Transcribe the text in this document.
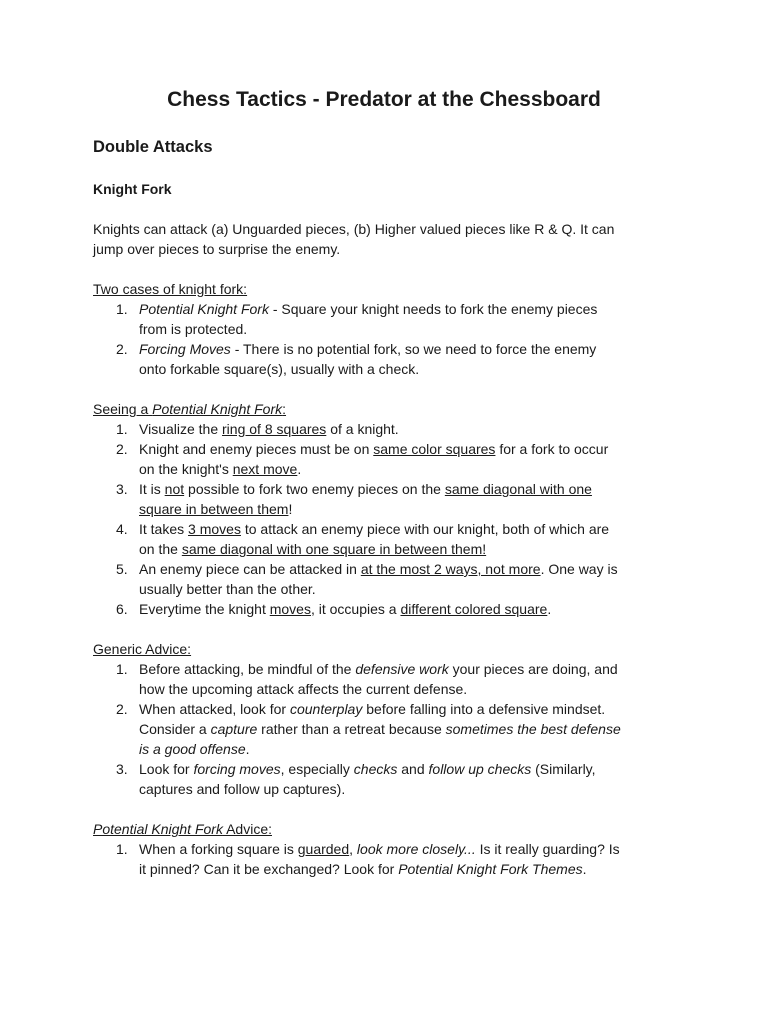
Chess Tactics - Predator at the Chessboard
Double Attacks
Knight Fork

Knights can attack (a) Unguarded pieces, (b) Higher valued pieces like R & Q. It can
jump over pieces to surprise the enemy.

Two cases of knight fork:

1. Potential Knight Fork - Square your knight needs to fork the enemy pieces
from is protected.
2. Forcing Moves - There is no potential fork, so we need to force the enemy
onto forkable square(s), usually with a check.

Seeing a Potential Knight Fork:

1. Visualize the ring of 8 squares of a knight.
2. Knight and enemy pieces must be on same color squares for a fork to occur
on the knight's next move.
3. It is not possible to fork two enemy pieces on the same diagonal with one
square in between them!
4. It takes 3 moves to attack an enemy piece with our knight, both of which are
on the same diagonal with one square in between them!
5. An enemy piece can be attacked in at the most 2 ways, not more. One way is
usually better than the other.
6. Everytime the knight moves, it occupies a different colored square.

Generic Advice:

1. Before attacking, be mindful of the defensive work your pieces are doing, and
how the upcoming attack affects the current defense.
2. When attacked, look for counterplay before falling into a defensive mindset.
Consider a capture rather than a retreat because sometimes the best defense
is a good offense.
3. Look for forcing moves, especially checks and follow up checks (Similarly,
captures and follow up captures).

Potential Knight Fork Advice:

1. When a forking square is guarded, look more closely... Is it really guarding? Is
it pinned? Can it be exchanged? Look for Potential Knight Fork Themes.
